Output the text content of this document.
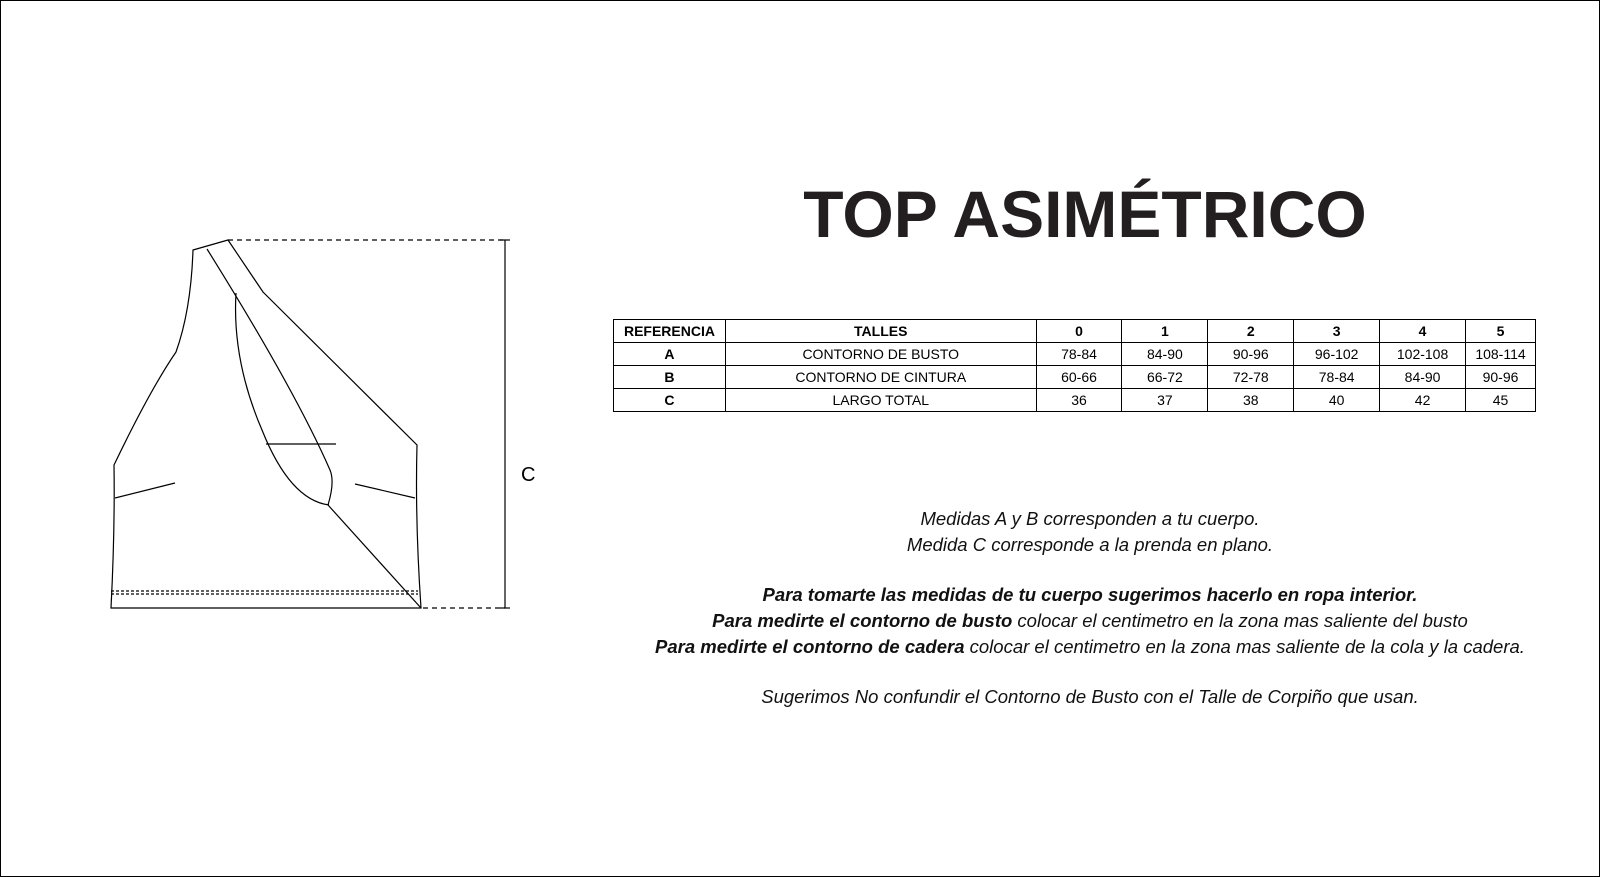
C
TOP ASIMÉTRICO
REFERENCIA	TALLES	0	1	2	3	4	5
A	CONTORNO DE BUSTO	78-84	84-90	90-96	96-102	102-108	108-114
B	CONTORNO DE CINTURA	60-66	66-72	72-78	78-84	84-90	90-96
C	LARGO TOTAL	36	37	38	40	42	45
Medidas A y B corresponden a tu cuerpo.
Medida C corresponde a la prenda en plano.
Para tomarte las medidas de tu cuerpo sugerimos hacerlo en ropa interior.
Para medirte el contorno de busto colocar el centimetro en la zona mas saliente del busto
Para medirte el contorno de cadera colocar el centimetro en la zona mas saliente de la cola y la cadera.
Sugerimos No confundir el Contorno de Busto con el Talle de Corpiño que usan.
